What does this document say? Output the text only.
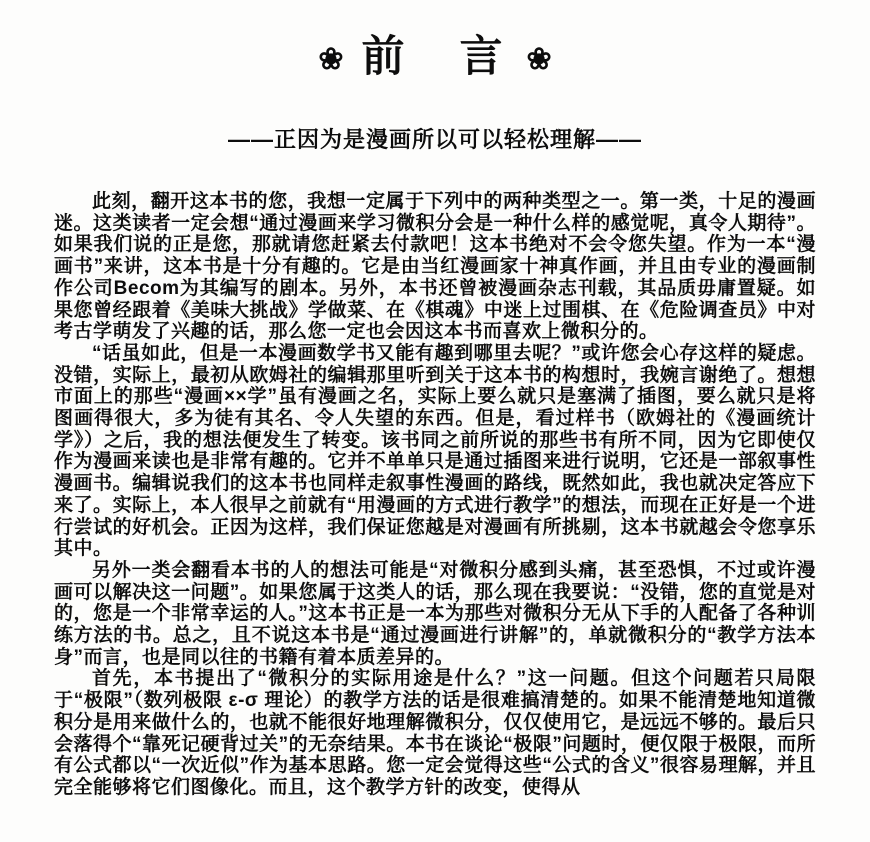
❀ 前　言 ❀
——正因为是漫画所以可以轻松理解——

此刻，翻开这本书的您，我想一定属于下列中的两种类型之一。第一类，十足的漫画迷。这类读者一定会想“通过漫画来学习微积分会是一种什么样的感觉呢，真令人期待”。如果我们说的正是您，那就请您赶紧去付款吧！这本书绝对不会令您失望。作为一本“漫画书”来讲，这本书是十分有趣的。它是由当红漫画家十神真作画，并且由专业的漫画制作公司Becom为其编写的剧本。另外，本书还曾被漫画杂志刊载，其品质毋庸置疑。如果您曾经跟着《美味大挑战》学做菜、在《棋魂》中迷上过围棋、在《危险调查员》中对考古学萌发了兴趣的话，那么您一定也会因这本书而喜欢上微积分的。

“话虽如此，但是一本漫画数学书又能有趣到哪里去呢？”或许您会心存这样的疑虑。没错，实际上，最初从欧姆社的编辑那里听到关于这本书的构想时，我婉言谢绝了。想想市面上的那些“漫画××学”虽有漫画之名，实际上要么就只是塞满了插图，要么就只是将图画得很大，多为徒有其名、令人失望的东西。但是，看过样书（欧姆社的《漫画统计学》）之后，我的想法便发生了转变。该书同之前所说的那些书有所不同，因为它即使仅作为漫画来读也是非常有趣的。它并不单单只是通过插图来进行说明，它还是一部叙事性漫画书。编辑说我们的这本书也同样走叙事性漫画的路线，既然如此，我也就决定答应下来了。实际上，本人很早之前就有“用漫画的方式进行教学”的想法，而现在正好是一个进行尝试的好机会。正因为这样，我们保证您越是对漫画有所挑剔，这本书就越会令您享乐其中。

另外一类会翻看本书的人的想法可能是“对微积分感到头痛，甚至恐惧，不过或许漫画可以解决这一问题”。如果您属于这类人的话，那么现在我要说：“没错，您的直觉是对的，您是一个非常幸运的人。”这本书正是一本为那些对微积分无从下手的人配备了各种训练方法的书。总之，且不说这本书是“通过漫画进行讲解”的，单就微积分的“教学方法本身”而言，也是同以往的书籍有着本质差异的。

首先，本书提出了“微积分的实际用途是什么？”这一问题。但这个问题若只局限于“极限”（数列极限 ε-σ 理论）的教学方法的话是很难搞清楚的。如果不能清楚地知道微积分是用来做什么的，也就不能很好地理解微积分，仅仅使用它，是远远不够的。最后只会落得个“靠死记硬背过关”的无奈结果。本书在谈论“极限”问题时，便仅限于极限，而所有公式都以“一次近似”作为基本思路。您一定会觉得这些“公式的含义”很容易理解，并且完全能够将它们图像化。而且，这个教学方针的改变，使得从
